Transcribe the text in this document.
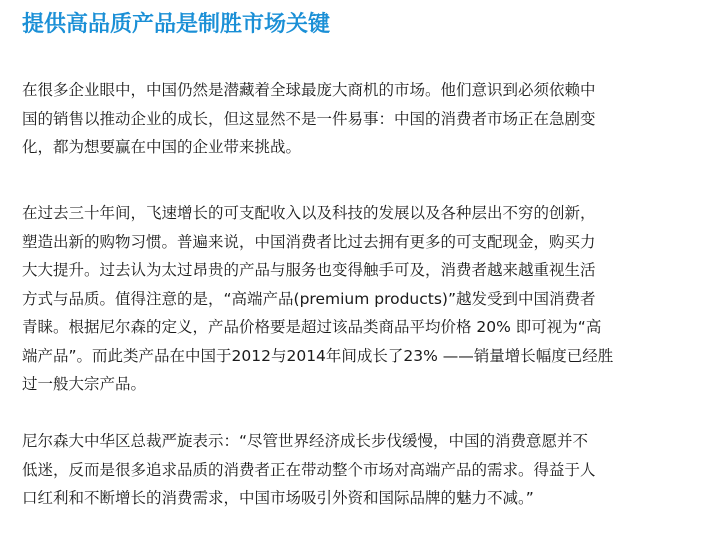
提供高品质产品是制胜市场关键
在很多企业眼中，中国仍然是潜藏着全球最庞大商机的市场。他们意识到必须依赖中
国的销售以推动企业的成长，但这显然不是一件易事：中国的消费者市场正在急剧变
化，都为想要赢在中国的企业带来挑战。
在过去三十年间，飞速增长的可支配收入以及科技的发展以及各种层出不穷的创新，
塑造出新的购物习惯。普遍来说，中国消费者比过去拥有更多的可支配现金，购买力
大大提升。过去认为太过昂贵的产品与服务也变得触手可及，消费者越来越重视生活
方式与品质。值得注意的是，“高端产品(premium products)”越发受到中国消费者
青睐。根据尼尔森的定义，产品价格要是超过该品类商品平均价格 20% 即可视为“高
端产品”。而此类产品在中国于2012与2014年间成长了23% ——销量增长幅度已经胜
过一般大宗产品。
尼尔森大中华区总裁严旋表示：“尽管世界经济成长步伐缓慢，中国的消费意愿并不
低迷，反而是很多追求品质的消费者正在带动整个市场对高端产品的需求。得益于人
口红利和不断增长的消费需求，中国市场吸引外资和国际品牌的魅力不减。”
